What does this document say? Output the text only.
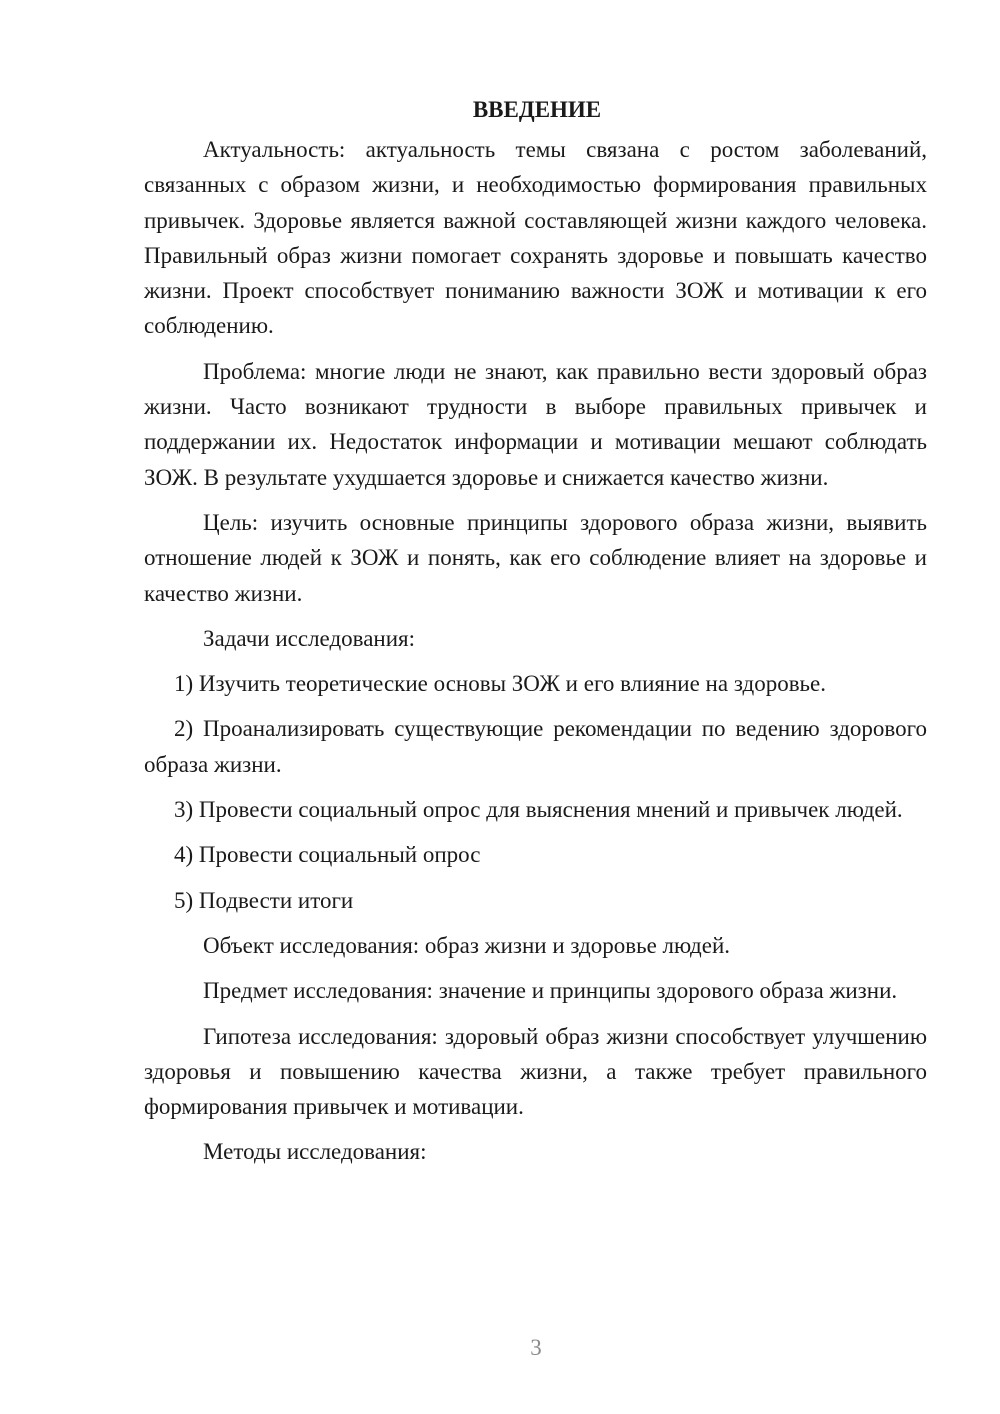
ВВЕДЕНИЕ

Актуальность: актуальность темы связана с ростом заболеваний, связанных с образом жизни, и необходимостью формирования правильных привычек. Здоровье является важной составляющей жизни каждого человека. Правильный образ жизни помогает сохранять здоровье и повышать качество жизни. Проект способствует пониманию важности ЗОЖ и мотивации к его соблюдению.

Проблема: многие люди не знают, как правильно вести здоровый образ жизни. Часто возникают трудности в выборе правильных привычек и поддержании их. Недостаток информации и мотивации мешают соблюдать ЗОЖ. В результате ухудшается здоровье и снижается качество жизни.

Цель: изучить основные принципы здорового образа жизни, выявить отношение людей к ЗОЖ и понять, как его соблюдение влияет на здоровье и качество жизни.

Задачи исследования:

1) Изучить теоретические основы ЗОЖ и его влияние на здоровье.

2) Проанализировать существующие рекомендации по ведению здорового образа жизни.

3) Провести социальный опрос для выяснения мнений и привычек людей.

4) Провести социальный опрос

5) Подвести итоги

Объект исследования: образ жизни и здоровье людей.

Предмет исследования: значение и принципы здорового образа жизни.

Гипотеза исследования: здоровый образ жизни способствует улучшению здоровья и повышению качества жизни, а также требует правильного формирования привычек и мотивации.

Методы исследования:

3
